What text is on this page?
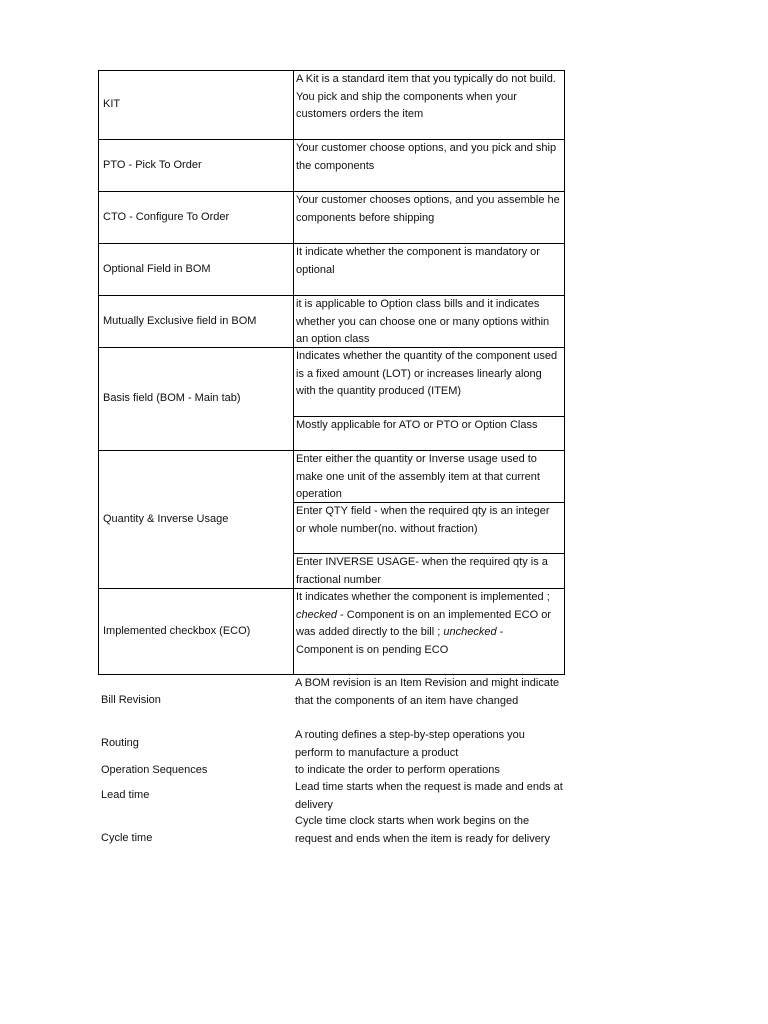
KIT
A Kit is a standard item that you typically do not build. You pick and ship the components when your customers orders the item
PTO - Pick To Order
Your customer choose options, and you pick and ship the components
CTO - Configure To Order
Your customer chooses options, and you assemble he components before shipping
Optional Field in BOM
It indicate whether the component is mandatory or optional
Mutually Exclusive field in BOM
it is applicable to Option class bills and it indicates whether you can choose one or many options within an option class
Basis field (BOM - Main tab)
Indicates whether the quantity of the component used is a fixed amount (LOT) or increases linearly along with the quantity produced (ITEM)
Mostly applicable for ATO or PTO or Option Class
Quantity & Inverse Usage
Enter either the quantity or Inverse usage used to make one unit of the assembly item at that current operation
Enter QTY field - when the required qty is an integer or whole number(no. without fraction)
Enter INVERSE USAGE- when the required qty is a fractional number
Implemented checkbox (ECO)
It indicates whether the component is implemented ; checked - Component is on an implemented ECO or was added directly to the bill ; unchecked - Component is on pending ECO
Bill Revision
A BOM revision is an Item Revision and might indicate that the components of an item have changed
Routing
A routing defines a step-by-step operations you perform to manufacture a product
Operation Sequences	to indicate the order to perform operations
Lead time
Lead time starts when the request is made and ends at delivery
Cycle time
Cycle time clock starts when work begins on the request and ends when the item is ready for delivery
